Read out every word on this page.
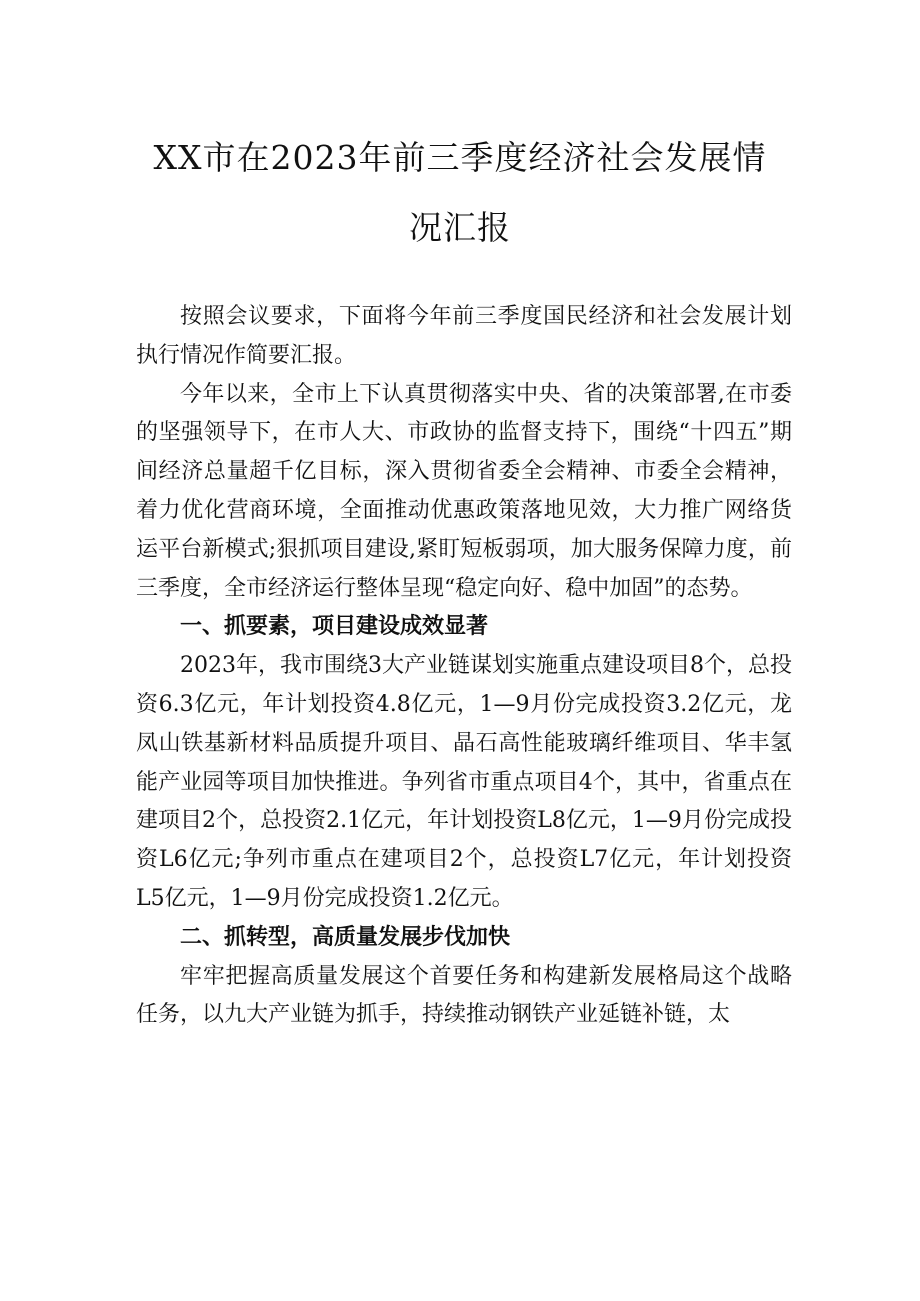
XX市在2023年前三季度经济社会发展情
况汇报

按照会议要求，下面将今年前三季度国民经济和社会发展计划执行情况作简要汇报。

今年以来，全市上下认真贯彻落实中央、省的决策部署,在市委的坚强领导下，在市人大、市政协的监督支持下，围绕“十四五”期间经济总量超千亿目标，深入贯彻省委全会精神、市委全会精神，着力优化营商环境，全面推动优惠政策落地见效，大力推广网络货运平台新模式;狠抓项目建设,紧盯短板弱项，加大服务保障力度，前三季度，全市经济运行整体呈现“稳定向好、稳中加固”的态势。

一、抓要素，项目建设成效显著

2023年，我市围绕3大产业链谋划实施重点建设项目8个，总投资6.3亿元，年计划投资4.8亿元，1—9月份完成投资3.2亿元，龙凤山铁基新材料品质提升项目、晶石高性能玻璃纤维项目、华丰氢能产业园等项目加快推进。争列省市重点项目4个，其中，省重点在建项目2个，总投资2.1亿元，年计划投资L8亿元，1—9月份完成投资L6亿元;争列市重点在建项目2个，总投资L7亿元，年计划投资L5亿元，1—9月份完成投资1.2亿元。

二、抓转型，高质量发展步伐加快

牢牢把握高质量发展这个首要任务和构建新发展格局这个战略任务，以九大产业链为抓手，持续推动钢铁产业延链补链，太
